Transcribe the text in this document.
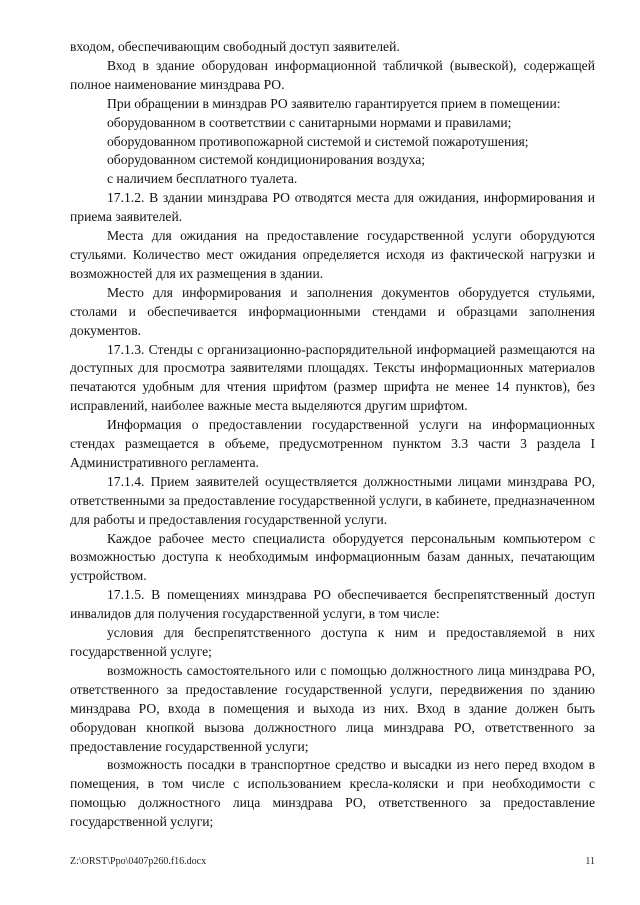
входом, обеспечивающим свободный доступ заявителей.

Вход в здание оборудован информационной табличкой (вывеской), содержащей полное наименование минздрава РО.

При обращении в минздрав РО заявителю гарантируется прием в помещении:

оборудованном в соответствии с санитарными нормами и правилами;

оборудованном противопожарной системой и системой пожаротушения;

оборудованном системой кондиционирования воздуха;

с наличием бесплатного туалета.

17.1.2. В здании минздрава РО отводятся места для ожидания, информирования и приема заявителей.

Места для ожидания на предоставление государственной услуги оборудуются стульями. Количество мест ожидания определяется исходя из фактической нагрузки и возможностей для их размещения в здании.

Место для информирования и заполнения документов оборудуется стульями, столами и обеспечивается информационными стендами и образцами заполнения документов.

17.1.3. Стенды с организационно-распорядительной информацией размещаются на доступных для просмотра заявителями площадях. Тексты информационных материалов печатаются удобным для чтения шрифтом (размер шрифта не менее 14 пунктов), без исправлений, наиболее важные места выделяются другим шрифтом.

Информация о предоставлении государственной услуги на информационных стендах размещается в объеме, предусмотренном пунктом 3.3 части 3 раздела I Административного регламента.

17.1.4. Прием заявителей осуществляется должностными лицами минздрава РО, ответственными за предоставление государственной услуги, в кабинете, предназначенном для работы и предоставления государственной услуги.

Каждое рабочее место специалиста оборудуется персональным компьютером с возможностью доступа к необходимым информационным базам данных, печатающим устройством.

17.1.5. В помещениях минздрава РО обеспечивается беспрепятственный доступ инвалидов для получения государственной услуги, в том числе:

условия для беспрепятственного доступа к ним и предоставляемой в них государственной услуге;

возможность самостоятельного или с помощью должностного лица минздрава РО, ответственного за предоставление государственной услуги, передвижения по зданию минздрава РО, входа в помещения и выхода из них. Вход в здание должен быть оборудован кнопкой вызова должностного лица минздрава РО, ответственного за предоставление государственной услуги;

возможность посадки в транспортное средство и высадки из него перед входом в помещения, в том числе с использованием кресла-коляски и при необходимости с помощью должностного лица минздрава РО, ответственного за предоставление государственной услуги;

Z:\ORST\Ppo\0407p260.f16.docx	11
